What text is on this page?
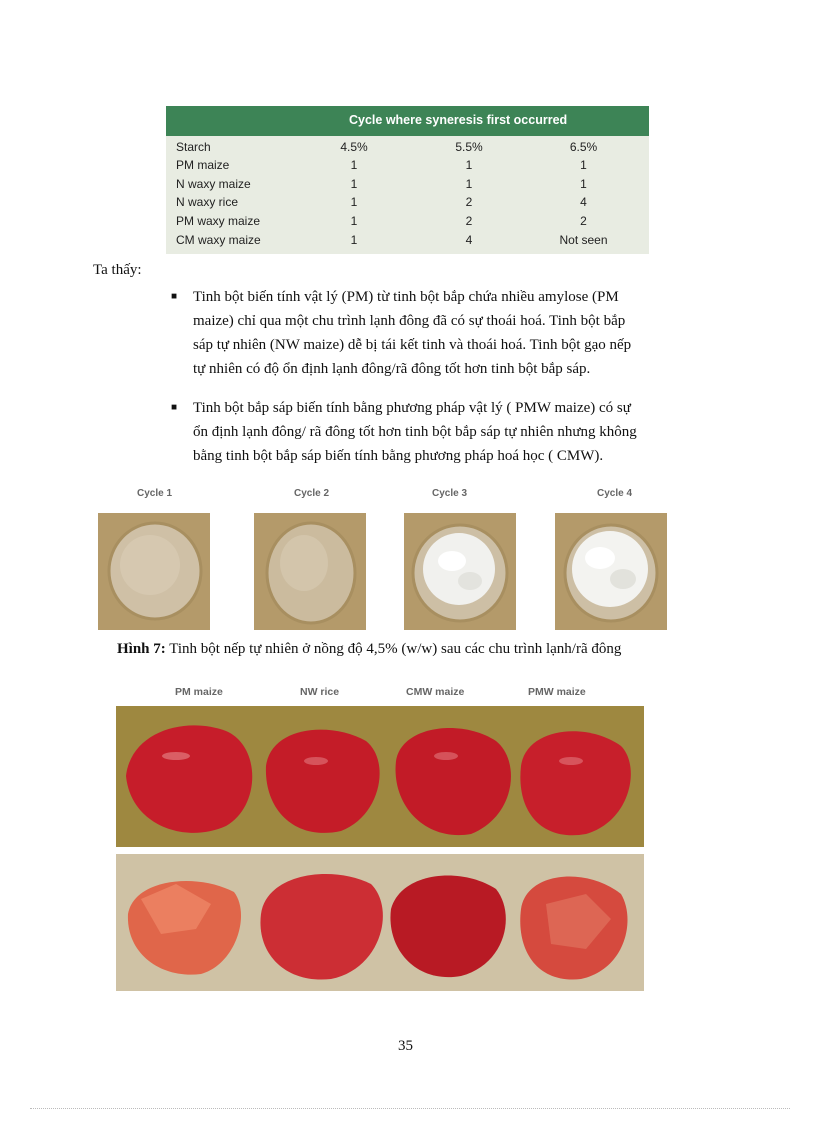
Cycle where syneresis first occurred
Starch	4.5%	5.5%	6.5%
PM maize	1	1	1
N waxy maize	1	1	1
N waxy rice	1	2	4
PM waxy maize	1	2	2
CM waxy maize	1	4	Not seen
Ta thấy:
■ Tinh bột biến tính vật lý (PM) từ tinh bột bắp chứa nhiều amylose (PM
maize) chỉ qua một chu trình lạnh đông đã có sự thoái hoá. Tinh bột bắp
sáp tự nhiên (NW maize) dễ bị tái kết tinh và thoái hoá. Tinh bột gạo nếp
tự nhiên có độ ổn định lạnh đông/rã đông tốt hơn tinh bột bắp sáp.
■ Tinh bột bắp sáp biến tính bằng phương pháp vật lý ( PMW maize) có sự
ổn định lạnh đông/ rã đông tốt hơn tinh bột bắp sáp tự nhiên nhưng không
bằng tinh bột bắp sáp biến tính bằng phương pháp hoá học ( CMW).
Cycle 1	Cycle 2	Cycle 3	Cycle 4
Hình 7: Tinh bột nếp tự nhiên ở nồng độ 4,5% (w/w) sau các chu trình lạnh/rã đông
PM maize	NW rice	CMW maize	PMW maize
35
